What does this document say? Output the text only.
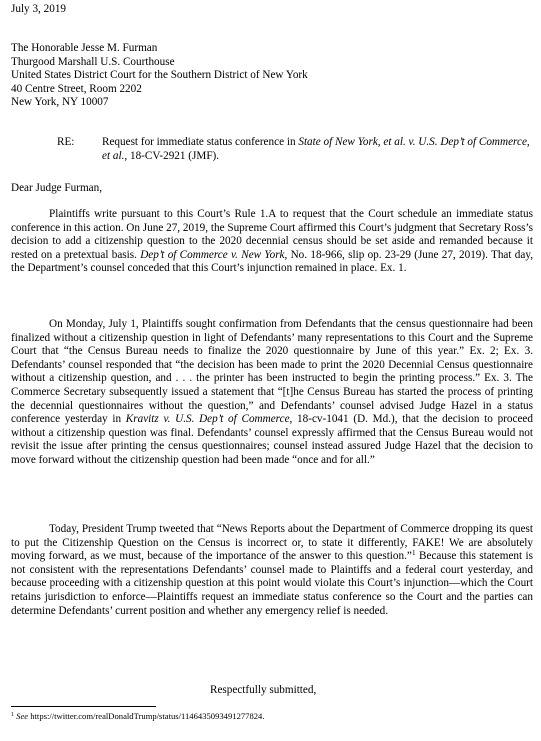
July 3, 2019
The Honorable Jesse M. Furman
Thurgood Marshall U.S. Courthouse
United States District Court for the Southern District of New York
40 Centre Street, Room 2202
New York, NY 10007
RE: Request for immediate status conference in State of New York, et al. v. U.S. Dep’t of Commerce, et al., 18-CV-2921 (JMF).
Dear Judge Furman,

Plaintiffs write pursuant to this Court’s Rule 1.A to request that the Court schedule an immediate status conference in this action. On June 27, 2019, the Supreme Court affirmed this Court’s judgment that Secretary Ross’s decision to add a citizenship question to the 2020 decennial census should be set aside and remanded because it rested on a pretextual basis. Dep’t of Commerce v. New York, No. 18-966, slip op. 23-29 (June 27, 2019). That day, the Department’s counsel conceded that this Court’s injunction remained in place. Ex. 1.

On Monday, July 1, Plaintiffs sought confirmation from Defendants that the census questionnaire had been finalized without a citizenship question in light of Defendants’ many representations to this Court and the Supreme Court that “the Census Bureau needs to finalize the 2020 questionnaire by June of this year.” Ex. 2; Ex. 3. Defendants’ counsel responded that “the decision has been made to print the 2020 Decennial Census questionnaire without a citizenship question, and . . . the printer has been instructed to begin the printing process.” Ex. 3. The Commerce Secretary subsequently issued a statement that “[t]he Census Bureau has started the process of printing the decennial questionnaires without the question,” and Defendants’ counsel advised Judge Hazel in a status conference yesterday in Kravitz v. U.S. Dep’t of Commerce, 18-cv-1041 (D. Md.), that the decision to proceed without a citizenship question was final. Defendants’ counsel expressly affirmed that the Census Bureau would not revisit the issue after printing the census questionnaires; counsel instead assured Judge Hazel that the decision to move forward without the citizenship question had been made “once and for all.”

Today, President Trump tweeted that “News Reports about the Department of Commerce dropping its quest to put the Citizenship Question on the Census is incorrect or, to state it differently, FAKE! We are absolutely moving forward, as we must, because of the importance of the answer to this question.”$^1$ Because this statement is not consistent with the representations Defendants’ counsel made to Plaintiffs and a federal court yesterday, and because proceeding with a citizenship question at this point would violate this Court’s injunction—which the Court retains jurisdiction to enforce—Plaintiffs request an immediate status conference so the Court and the parties can determine Defendants’ current position and whether any emergency relief is needed.

Respectfully submitted,
$^1$ See https://twitter.com/realDonaldTrump/status/1146435093491277824.
